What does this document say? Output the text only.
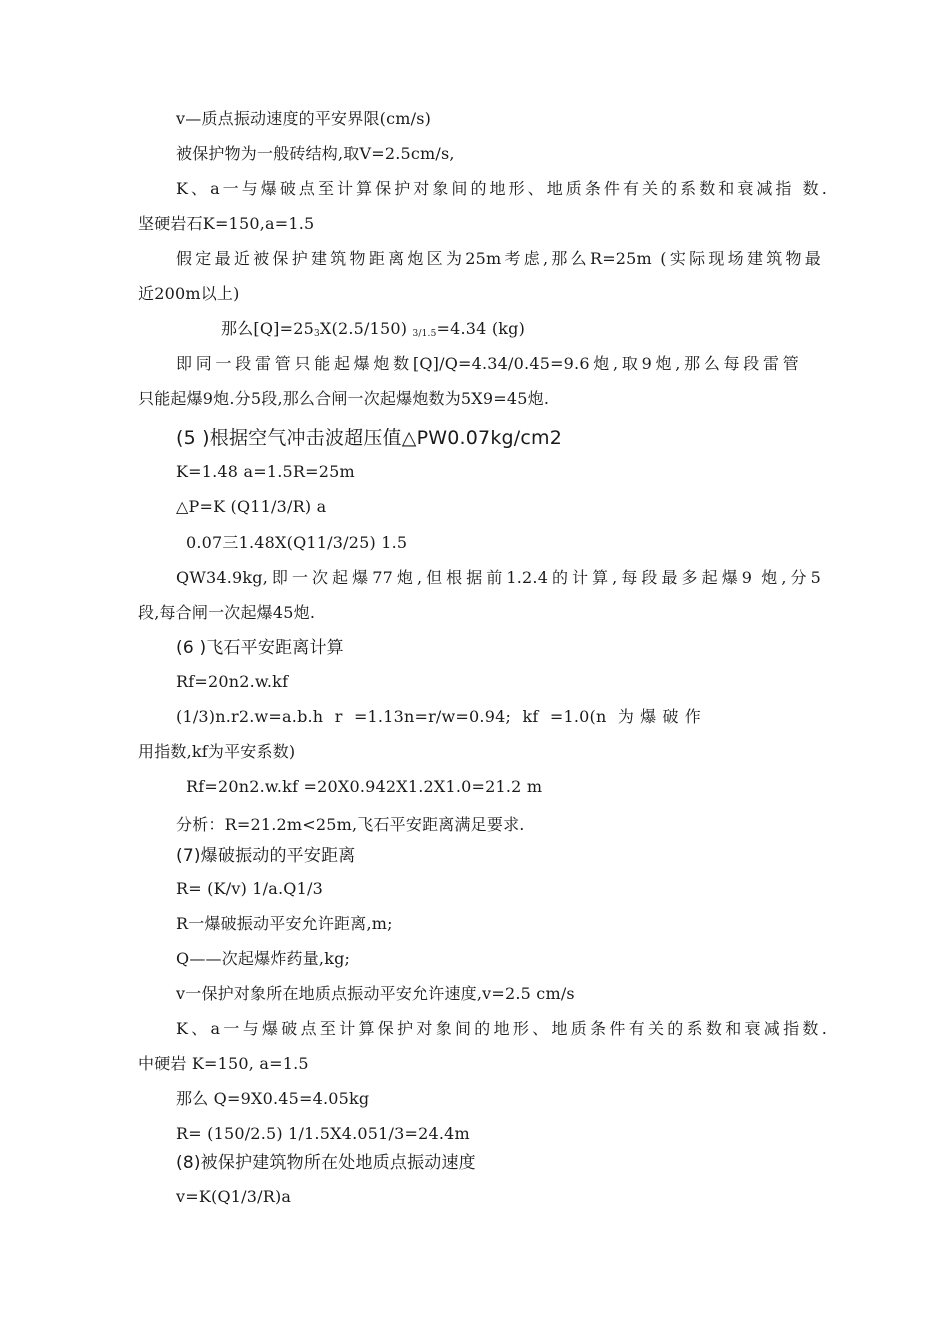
v—质点振动速度的平安界限(cm/s)
被保护物为一般砖结构,取V=2.5cm/s,
K、a一与爆破点至计算保护对象间的地形、地质条件有关的系数和衰减指 数.
坚硬岩石K=150,a=1.5
假定最近被保护建筑物距离炮区为25m考虑,那么R=25m (实际现场建筑物最
近200m以上)
那么$[Q]=25_3X(2.5/150)$ $_{3/1.5}$=4.34 (kg)
即同一段雷管只能起爆炮数[Q]/Q=4.34/0.45=9.6炮,取9炮,那么每段雷管
只能起爆9炮.分5段,那么合闸一次起爆炮数为5X9=45炮.
(5 )根据空气冲击波超压值△PW0.07kg/cm2
K=1.48 a=1.5R=25m
△P=K (Q11/3/R) a
0.07三1.48X(Q11/3/25) 1.5
QW34.9kg,即一次起爆77炮,但根据前1.2.4的计算,每段最多起爆9 炮,分5
段,每合闸一次起爆45炮.
(6 )飞石平安距离计算
Rf=20n2.w.kf
(1/3)n.r2.w=a.b.h r =1.13n=r/w=0.94; kf =1.0(n 为爆破作
用指数,kf为平安系数)
Rf=20n2.w.kf =20X0.942X1.2X1.0=21.2 m
分析：R=21.2m<25m,飞石平安距离满足要求.
(7)爆破振动的平安距离
R= (K/v) 1/a.Q1/3
R一爆破振动平安允许距离,m;
Q——次起爆炸药量,kg;
v一保护对象所在地质点振动平安允许速度,v=2.5 cm/s
K、a一与爆破点至计算保护对象间的地形、地质条件有关的系数和衰减指数.
中硬岩 K=150, a=1.5
那么 Q=9X0.45=4.05kg
R= (150/2.5) 1/1.5X4.051/3=24.4m
(8)被保护建筑物所在处地质点振动速度
v=K(Q1/3/R)a
